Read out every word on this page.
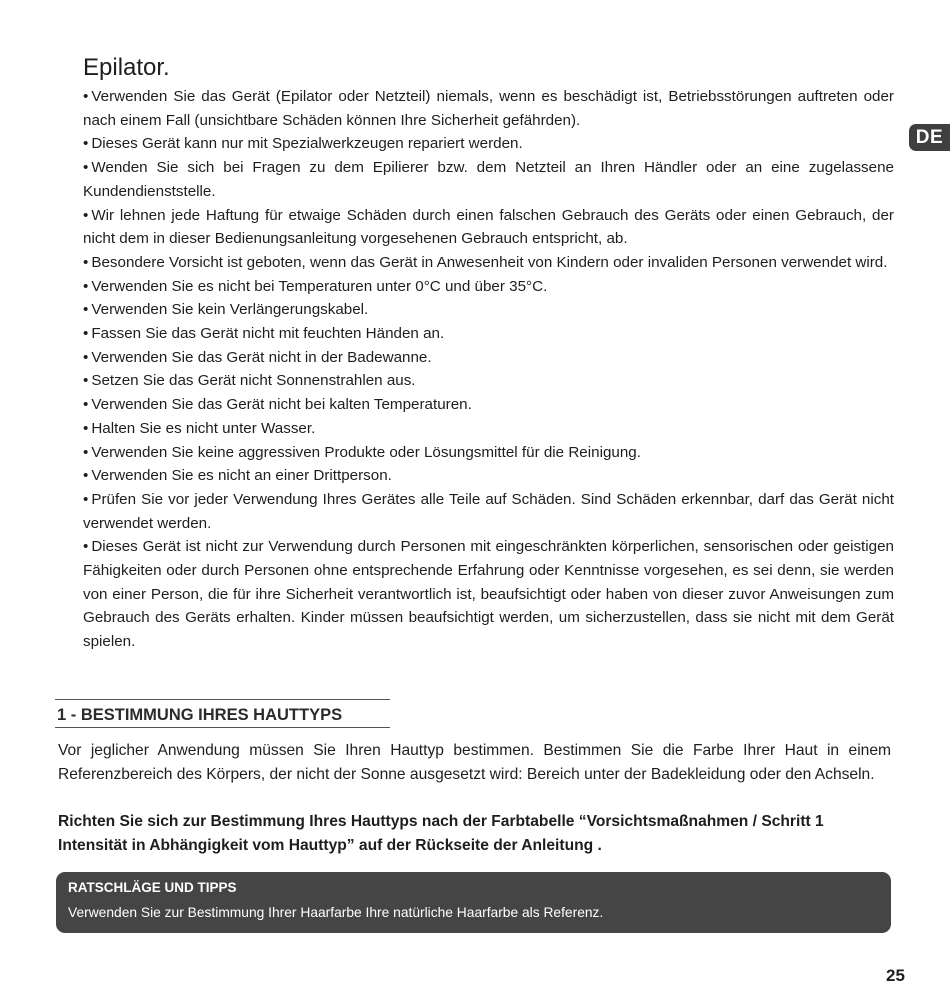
Epilator.
DE
• Verwenden Sie das Gerät (Epilator oder Netzteil) niemals, wenn es beschädigt ist, Betriebsstörungen auftreten oder nach einem Fall (unsichtbare Schäden können Ihre Sicherheit gefährden).
• Dieses Gerät kann nur mit Spezialwerkzeugen repariert werden.
• Wenden Sie sich bei Fragen zu dem Epilierer bzw. dem Netzteil an Ihren Händler oder an eine zugelassene Kundendienststelle.
• Wir lehnen jede Haftung für etwaige Schäden durch einen falschen Gebrauch des Geräts oder einen Gebrauch, der nicht dem in dieser Bedienungsanleitung vorgesehenen Gebrauch entspricht, ab.
• Besondere Vorsicht ist geboten, wenn das Gerät in Anwesenheit von Kindern oder invaliden Personen verwendet wird.
• Verwenden Sie es nicht bei Temperaturen unter 0°C und über 35°C.
• Verwenden Sie kein Verlängerungskabel.
• Fassen Sie das Gerät nicht mit feuchten Händen an.
• Verwenden Sie das Gerät nicht in der Badewanne.
• Setzen Sie das Gerät nicht Sonnenstrahlen aus.
• Verwenden Sie das Gerät nicht bei kalten Temperaturen.
• Halten Sie es nicht unter Wasser.
• Verwenden Sie keine aggressiven Produkte oder Lösungsmittel für die Reinigung.
• Verwenden Sie es nicht an einer Drittperson.
• Prüfen Sie vor jeder Verwendung Ihres Gerätes alle Teile auf Schäden. Sind Schäden erkennbar, darf das Gerät nicht verwendet werden.
• Dieses Gerät ist nicht zur Verwendung durch Personen mit eingeschränkten körperlichen, sensorischen oder geistigen Fähigkeiten oder durch Personen ohne entsprechende Erfahrung oder Kenntnisse vorgesehen, es sei denn, sie werden von einer Person, die für ihre Sicherheit verantwortlich ist, beaufsichtigt oder haben von dieser zuvor Anweisungen zum Gebrauch des Geräts erhalten. Kinder müssen beaufsichtigt werden, um sicherzustellen, dass sie nicht mit dem Gerät spielen.
1 - BESTIMMUNG IHRES HAUTTYPS

Vor jeglicher Anwendung müssen Sie Ihren Hauttyp bestimmen. Bestimmen Sie die Farbe Ihrer Haut in einem Referenzbereich des Körpers, der nicht der Sonne ausgesetzt wird: Bereich unter der Badekleidung oder den Achseln.

Richten Sie sich zur Bestimmung Ihres Hauttyps nach der Farbtabelle “Vorsichtsmaßnahmen / Schritt 1 Intensität in Abhängigkeit vom Hauttyp” auf der Rückseite der Anleitung .

RATSCHLÄGE UND TIPPS

Verwenden Sie zur Bestimmung Ihrer Haarfarbe Ihre natürliche Haarfarbe als Referenz.

25
